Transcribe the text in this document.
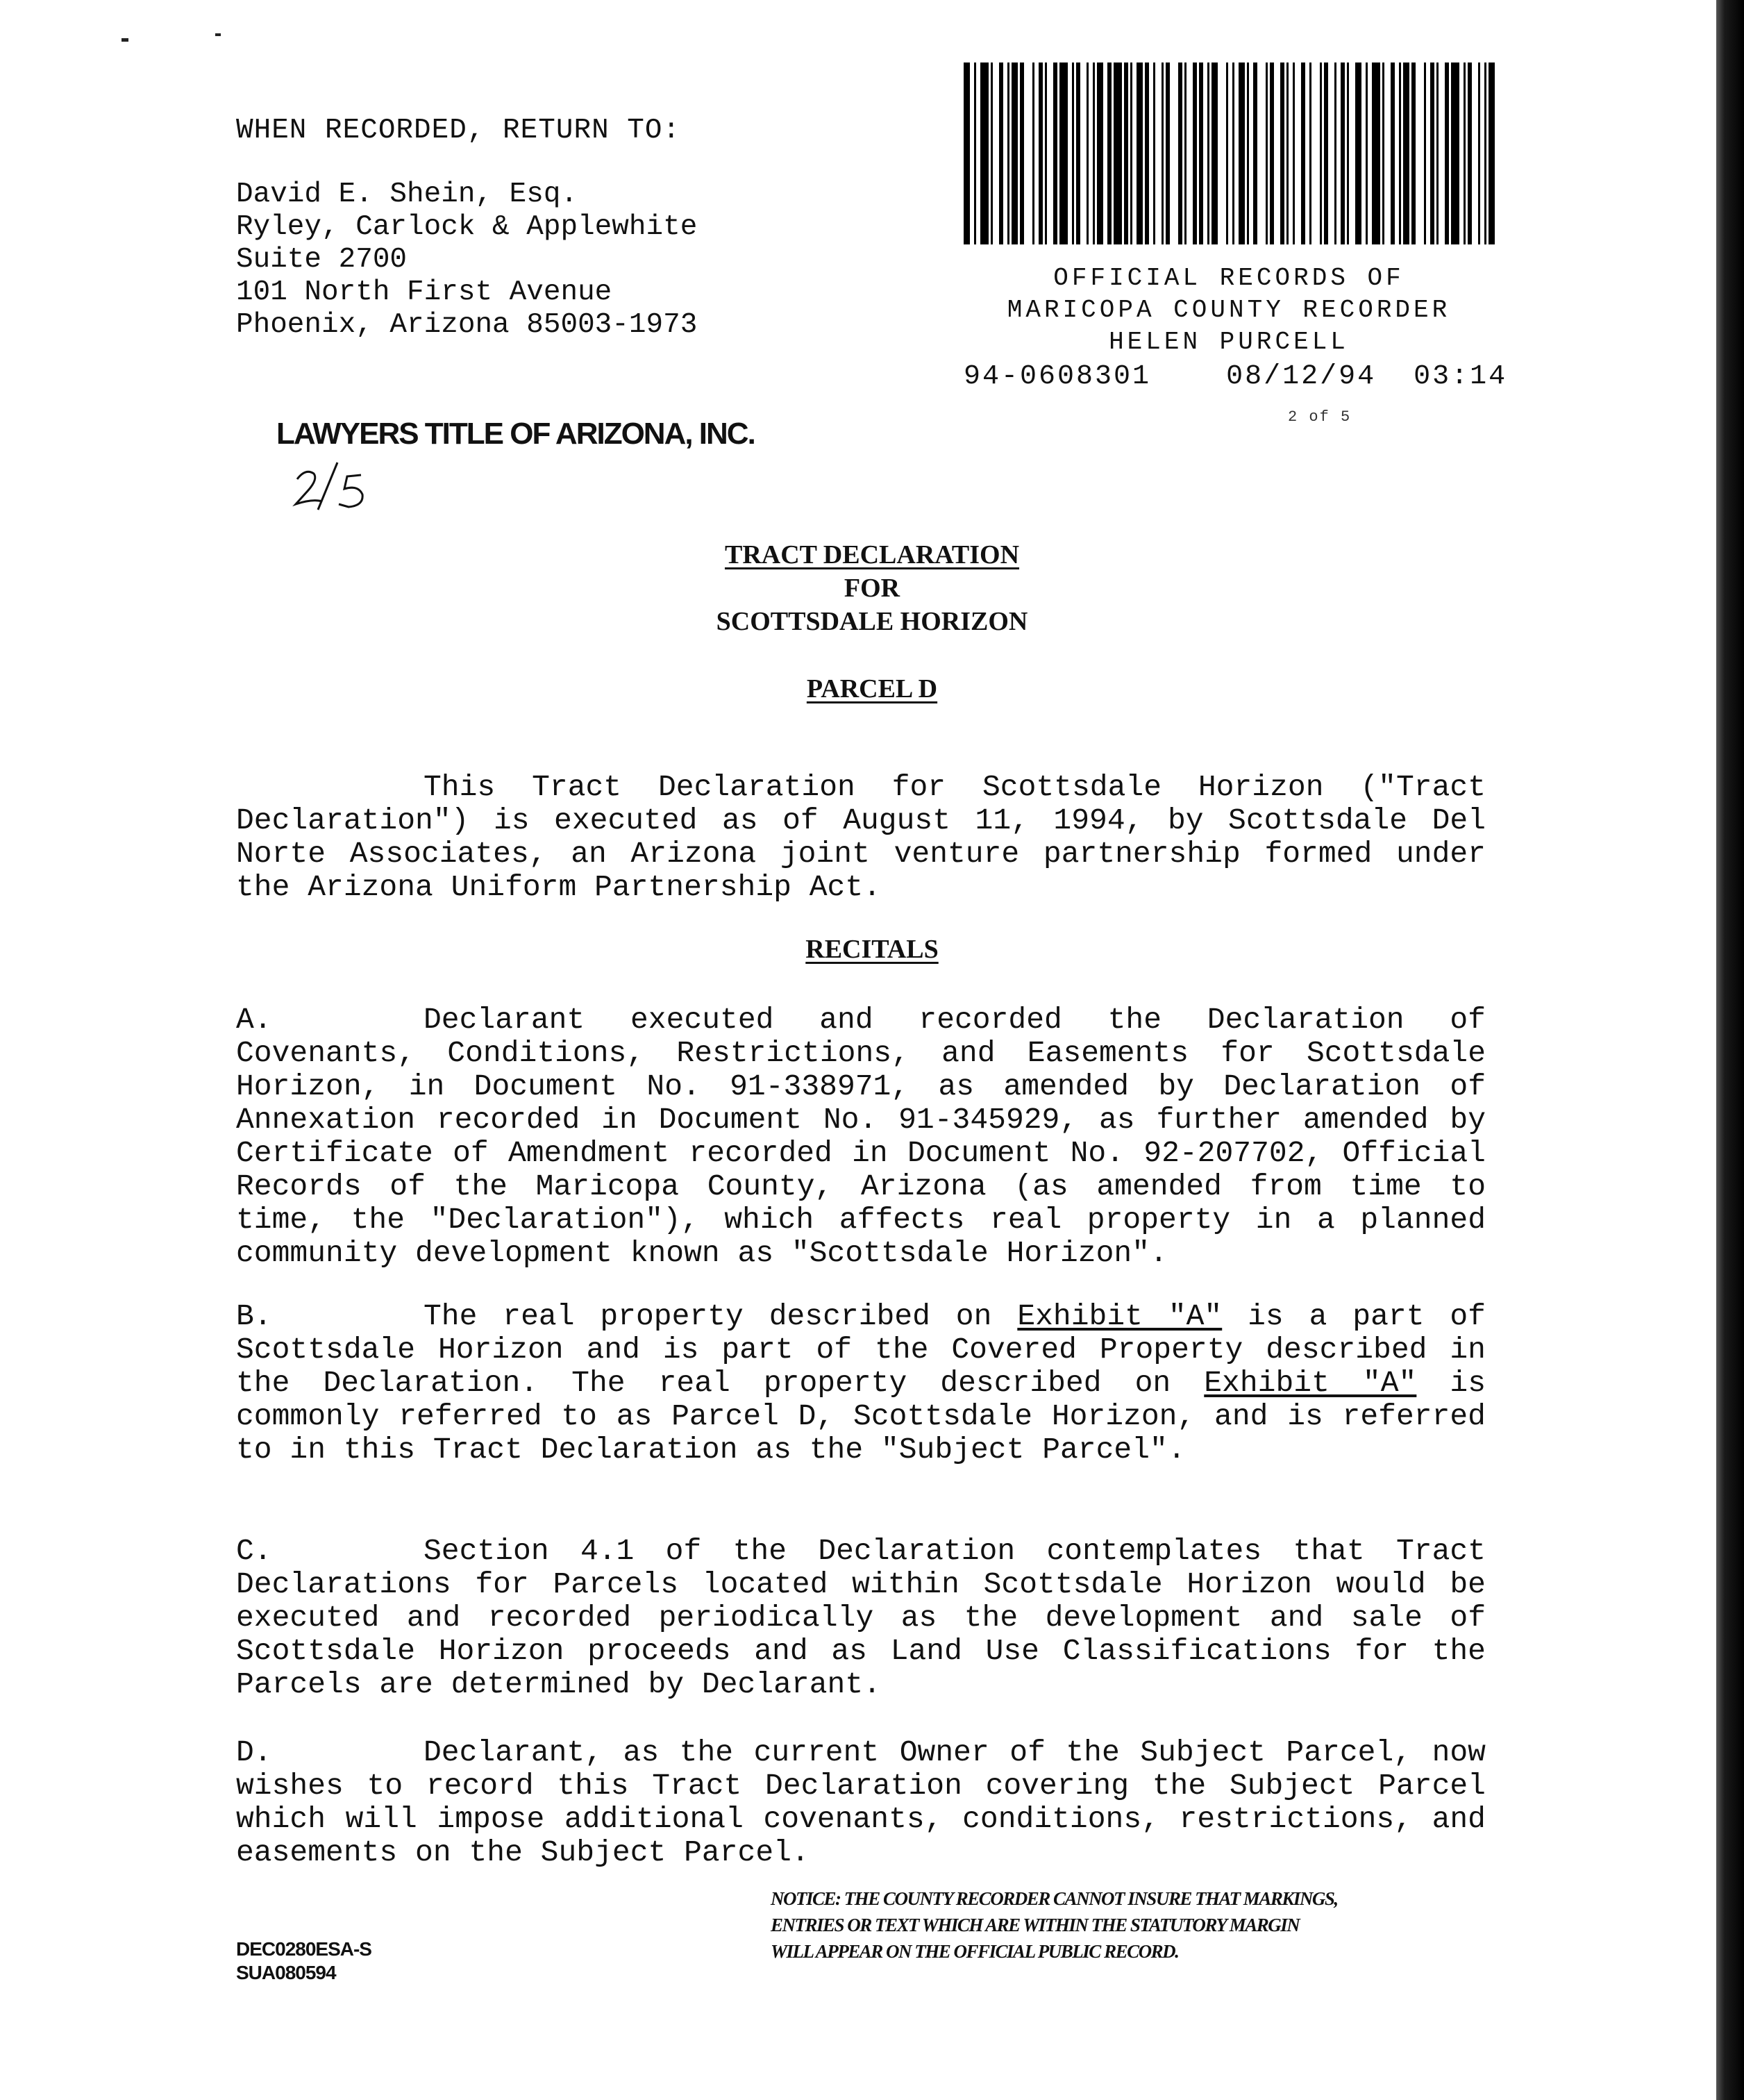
WHEN RECORDED, RETURN TO:
David E. Shein, Esq.
Ryley, Carlock & Applewhite
Suite 2700
101 North First Avenue
Phoenix, Arizona 85003-1973
OFFICIAL RECORDS OF
MARICOPA COUNTY RECORDER
HELEN PURCELL
94-0608301	08/12/94 03:14
2 of 5
LAWYERS TITLE OF ARIZONA, INC.
TRACT DECLARATION
FOR
SCOTTSDALE HORIZON
PARCEL D
This Tract Declaration for Scottsdale Horizon ("Tract Declaration") is executed as of August 11, 1994, by Scottsdale Del Norte Associates, an Arizona joint venture partnership formed under the Arizona Uniform Partnership Act.
RECITALS
A.	Declarant executed and recorded the Declaration of Covenants, Conditions, Restrictions, and Easements for Scottsdale Horizon, in Document No. 91-338971, as amended by Declaration of Annexation recorded in Document No. 91-345929, as further amended by Certificate of Amendment recorded in Document No. 92-207702, Official Records of the Maricopa County, Arizona (as amended from time to time, the "Declaration"), which affects real property in a planned community development known as "Scottsdale Horizon".
B.	The real property described on Exhibit "A" is a part of Scottsdale Horizon and is part of the Covered Property described in the Declaration. The real property described on Exhibit "A" is commonly referred to as Parcel D, Scottsdale Horizon, and is referred to in this Tract Declaration as the "Subject Parcel".
C.	Section 4.1 of the Declaration contemplates that Tract Declarations for Parcels located within Scottsdale Horizon would be executed and recorded periodically as the development and sale of Scottsdale Horizon proceeds and as Land Use Classifications for the Parcels are determined by Declarant.
D.	Declarant, as the current Owner of the Subject Parcel, now wishes to record this Tract Declaration covering the Subject Parcel which will impose additional covenants, conditions, restrictions, and easements on the Subject Parcel.
DEC0280ESA-S
SUA080594
NOTICE: THE COUNTY RECORDER CANNOT INSURE THAT MARKINGS,
ENTRIES OR TEXT WHICH ARE WITHIN THE STATUTORY MARGIN
WILL APPEAR ON THE OFFICIAL PUBLIC RECORD.
